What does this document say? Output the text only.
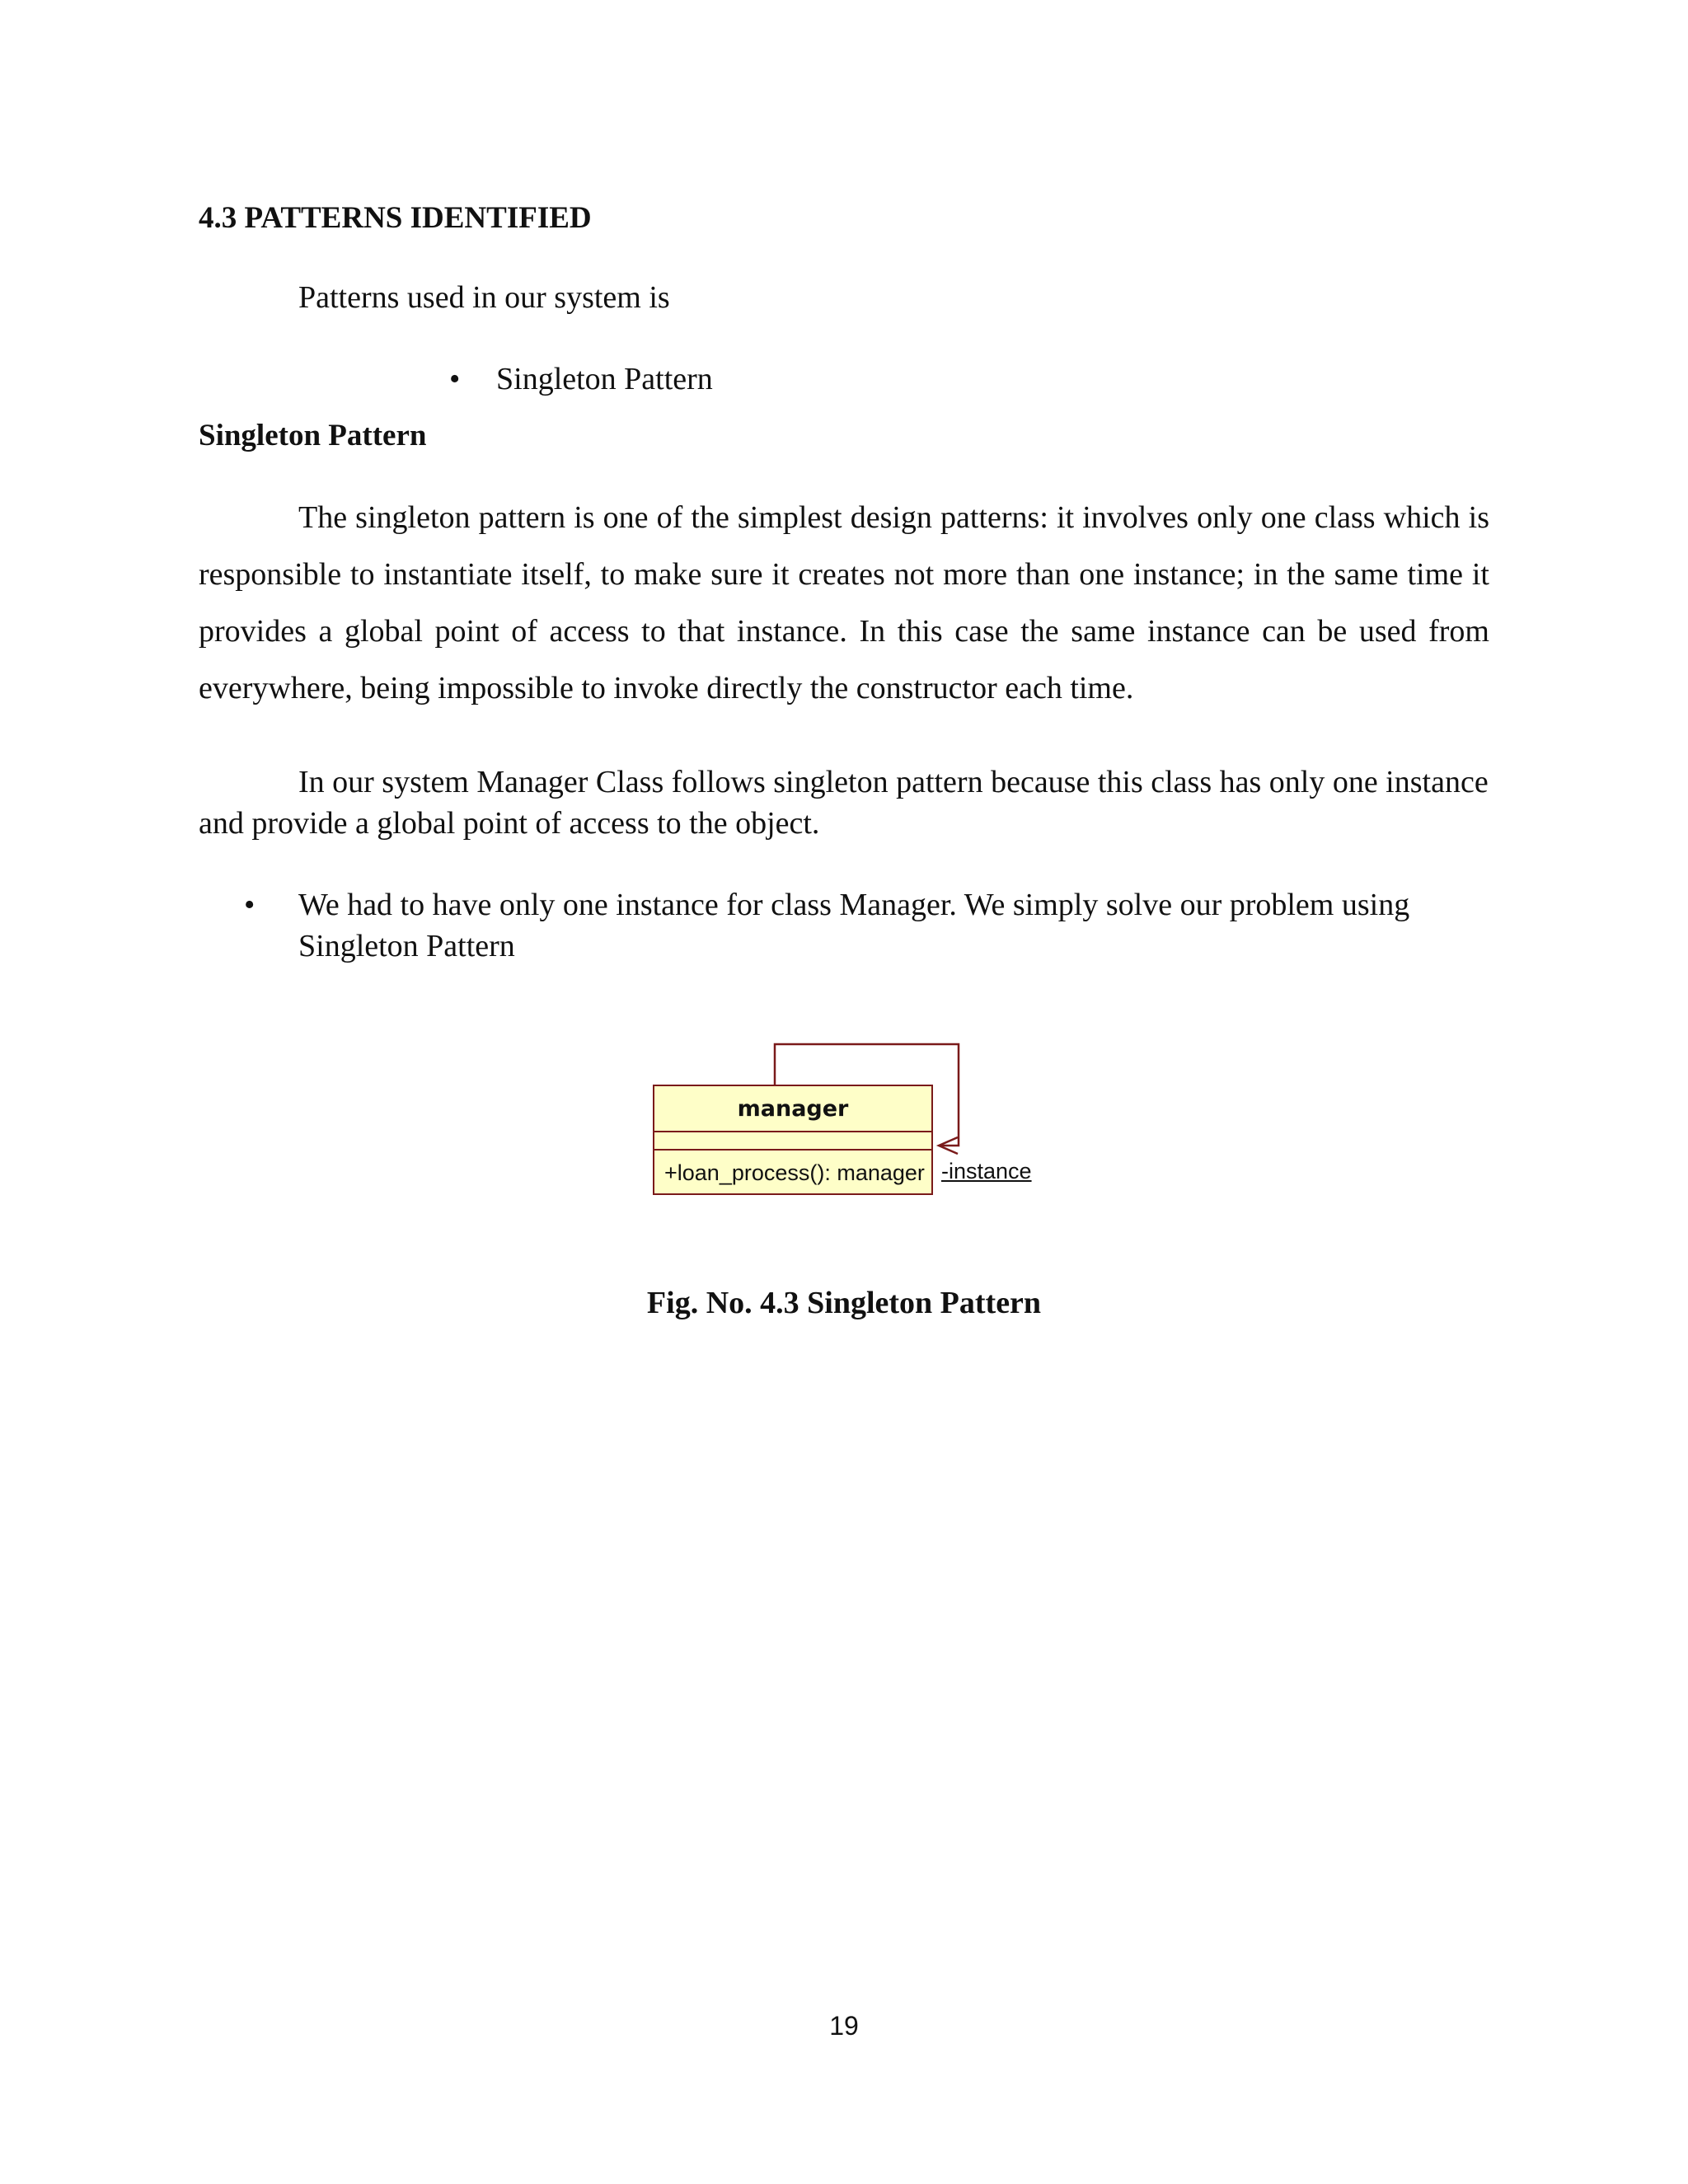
4.3 PATTERNS IDENTIFIED
Patterns used in our system is
• Singleton Pattern
Singleton Pattern

The singleton pattern is one of the simplest design patterns: it involves only one class which is responsible to instantiate itself, to make sure it creates not more than one instance; in the same time it provides a global point of access to that instance. In this case the same instance can be used from everywhere, being impossible to invoke directly the constructor each time.

In our system Manager Class follows singleton pattern because this class has only one instance and provide a global point of access to the object.

• We had to have only one instance for class Manager. We simply solve our problem using Singleton Pattern

manager
+loan_process(): manager -instance
Fig. No. 4.3 Singleton Pattern
19
